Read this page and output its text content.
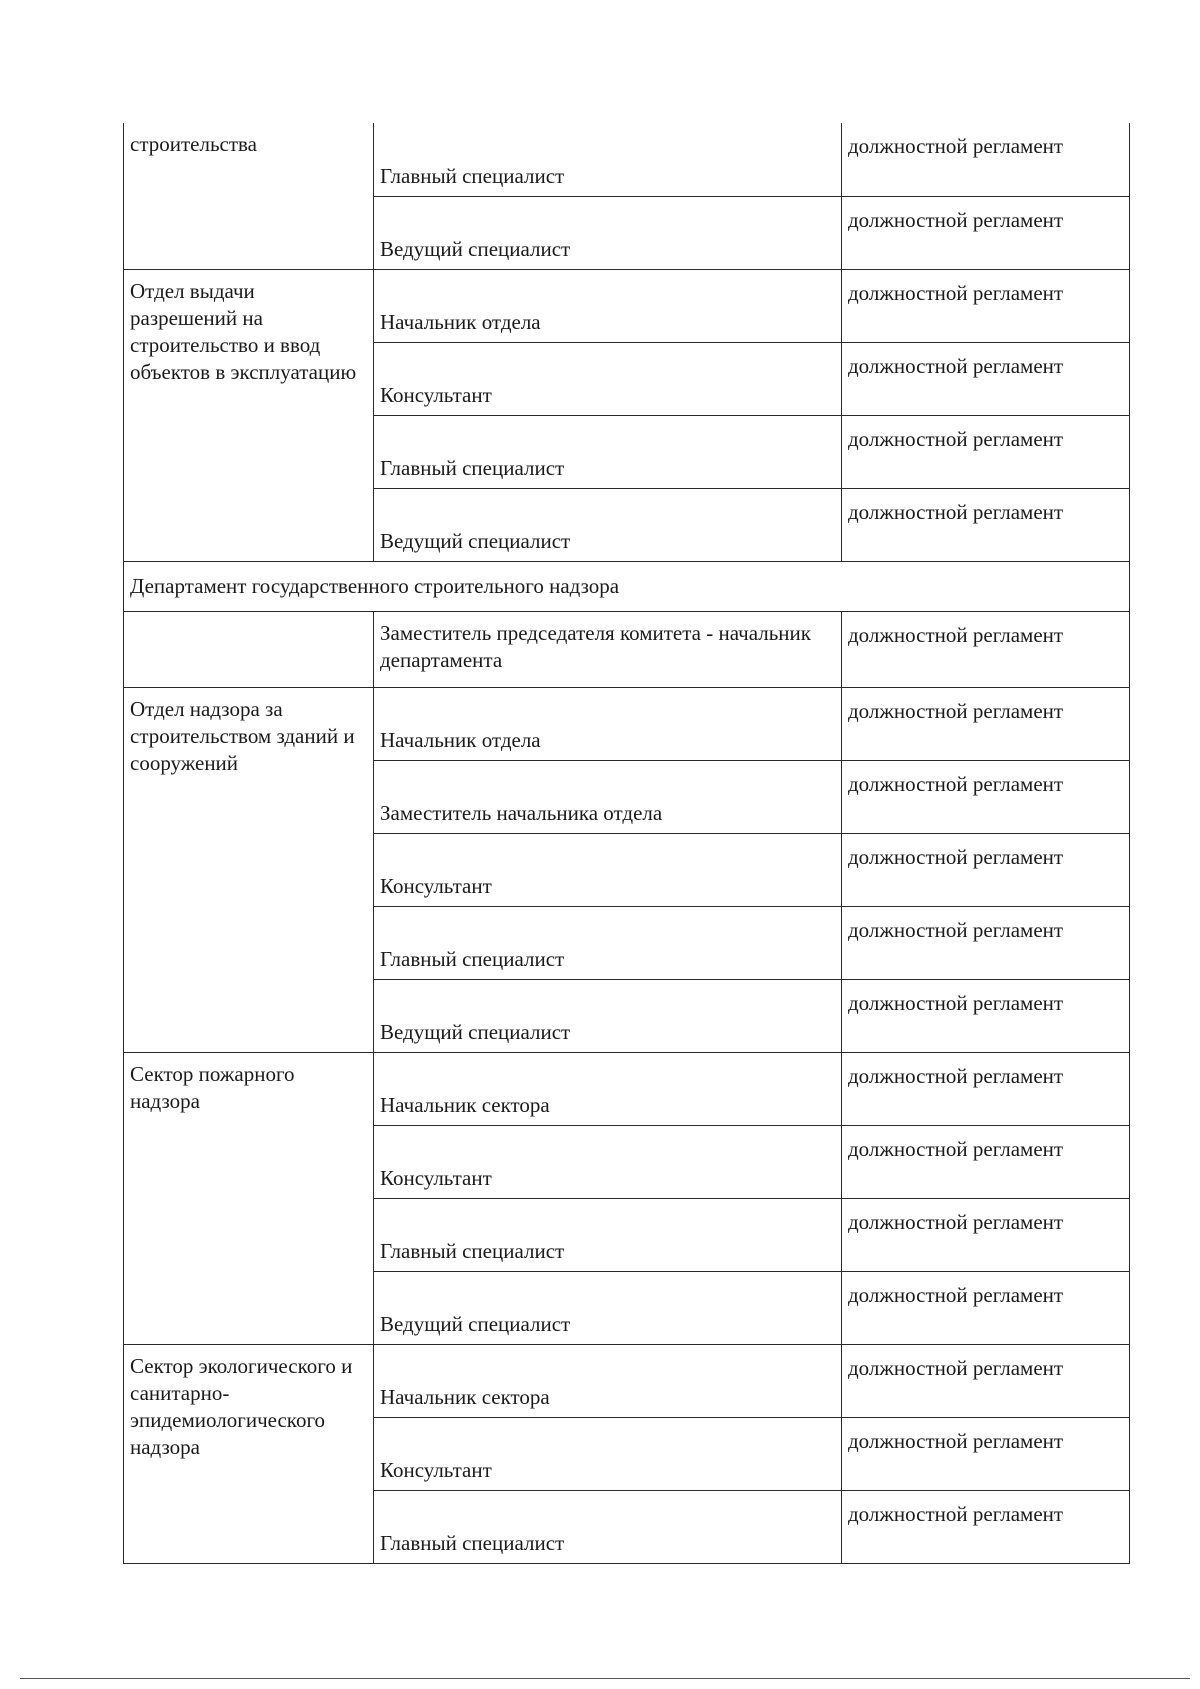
строительства	Главный специалист	должностной регламент
	Ведущий специалист	должностной регламент
Отдел выдачи разрешений на строительство и ввод объектов в эксплуатацию	Начальник отдела	должностной регламент
	Консультант	должностной регламент
	Главный специалист	должностной регламент
	Ведущий специалист	должностной регламент
Департамент государственного строительного надзора		
	Заместитель председателя комитета - начальник департамента	должностной регламент
Отдел надзора за строительством зданий и сооружений	Начальник отдела	должностной регламент
	Заместитель начальника отдела	должностной регламент
	Консультант	должностной регламент
	Главный специалист	должностной регламент
	Ведущий специалист	должностной регламент
Сектор пожарного надзора	Начальник сектора	должностной регламент
	Консультант	должностной регламент
	Главный специалист	должностной регламент
	Ведущий специалист	должностной регламент
Сектор экологического и санитарно-эпидемиологического надзора	Начальник сектора	должностной регламент
	Консультант	должностной регламент
	Главный специалист	должностной регламент
